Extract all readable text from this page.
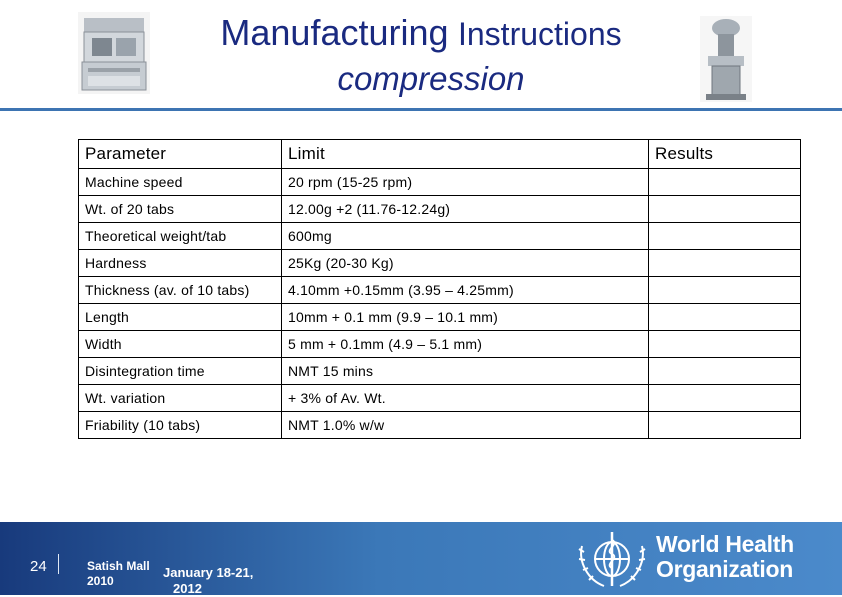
Manufacturing Instructions
compression
Parameter	Limit	Results
Machine speed	20 rpm (15-25 rpm)	
Wt. of 20 tabs	12.00g +2 (11.76-12.24g)	
Theoretical weight/tab	600mg	
Hardness	25Kg (20-30 Kg)	
Thickness (av. of 10 tabs)	4.10mm +0.15mm (3.95 – 4.25mm)	
Length	10mm + 0.1 mm (9.9 – 10.1 mm)	
Width	5 mm + 0.1mm (4.9 – 5.1 mm)	
Disintegration time	NMT 15 mins	
Wt. variation	+ 3% of Av. Wt.	
Friability (10 tabs)	NMT 1.0% w/w	
24	Satish Mall
2010
January 18-21,
2012
World Health
Organization
